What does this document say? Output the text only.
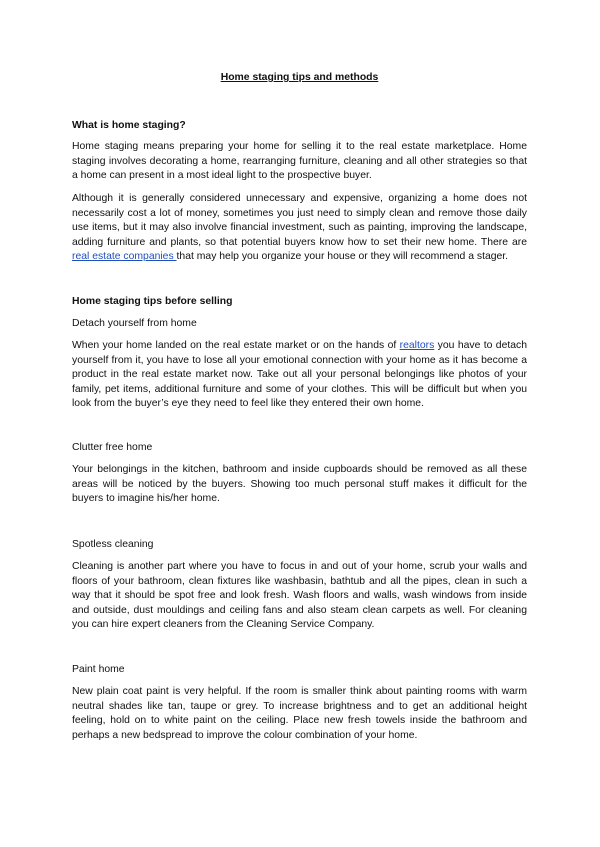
Home staging tips and methods
What is home staging?

Home staging means preparing your home for selling it to the real estate marketplace. Home staging involves decorating a home, rearranging furniture, cleaning and all other strategies so that a home can present in a most ideal light to the prospective buyer.

Although it is generally considered unnecessary and expensive, organizing a home does not necessarily cost a lot of money, sometimes you just need to simply clean and remove those daily use items, but it may also involve financial investment, such as painting, improving the landscape, adding furniture and plants, so that potential buyers know how to set their new home. There are real estate companies that may help you organize your house or they will recommend a stager.

Home staging tips before selling
Detach yourself from home

When your home landed on the real estate market or on the hands of realtors you have to detach yourself from it, you have to lose all your emotional connection with your home as it has become a product in the real estate market now. Take out all your personal belongings like photos of your family, pet items, additional furniture and some of your clothes. This will be difficult but when you look from the buyer’s eye they need to feel like they entered their own home.

Clutter free home

Your belongings in the kitchen, bathroom and inside cupboards should be removed as all these areas will be noticed by the buyers. Showing too much personal stuff makes it difficult for the buyers to imagine his/her home.

Spotless cleaning

Cleaning is another part where you have to focus in and out of your home, scrub your walls and floors of your bathroom, clean fixtures like washbasin, bathtub and all the pipes, clean in such a way that it should be spot free and look fresh. Wash floors and walls, wash windows from inside and outside, dust mouldings and ceiling fans and also steam clean carpets as well. For cleaning you can hire expert cleaners from the Cleaning Service Company.

Paint home

New plain coat paint is very helpful. If the room is smaller think about painting rooms with warm neutral shades like tan, taupe or grey. To increase brightness and to get an additional height feeling, hold on to white paint on the ceiling. Place new fresh towels inside the bathroom and perhaps a new bedspread to improve the colour combination of your home.
